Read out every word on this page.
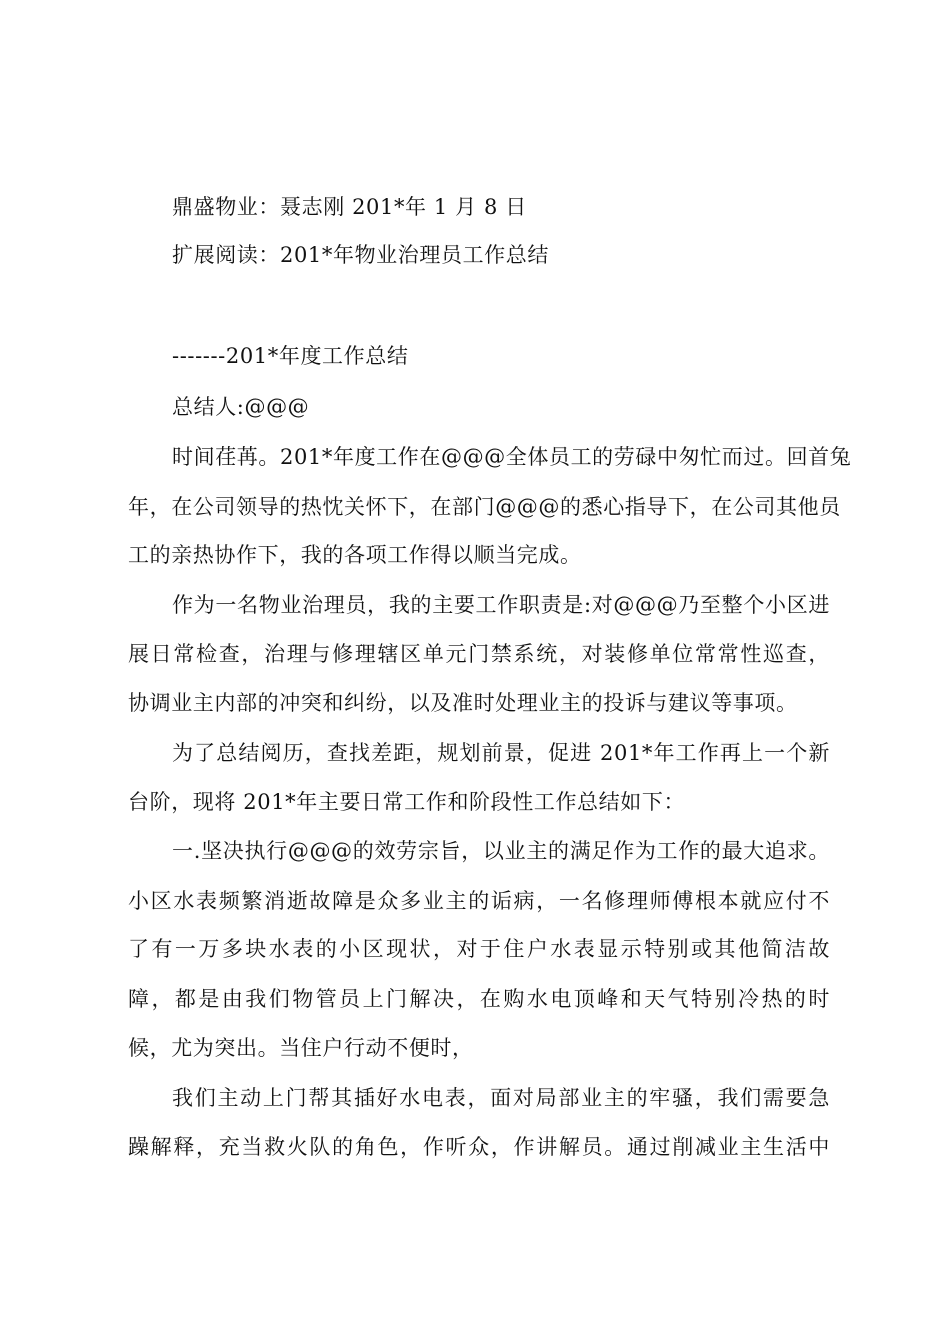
鼎盛物业：聂志刚 201*年 1 月 8 日
扩展阅读：201*年物业治理员工作总结
-------201*年度工作总结
总结人:@@@
时间荏苒。201*年度工作在@@@全体员工的劳碌中匆忙而过。回首兔
年，在公司领导的热忱关怀下，在部门@@@的悉心指导下，在公司其他员
工的亲热协作下，我的各项工作得以顺当完成。
作为一名物业治理员，我的主要工作职责是:对@@@乃至整个小区进
展日常检查，治理与修理辖区单元门禁系统，对装修单位常常性巡查，
协调业主内部的冲突和纠纷，以及准时处理业主的投诉与建议等事项。
为了总结阅历，查找差距，规划前景，促进 201*年工作再上一个新
台阶，现将 201*年主要日常工作和阶段性工作总结如下：
一.坚决执行@@@的效劳宗旨，以业主的满足作为工作的最大追求。
小区水表频繁消逝故障是众多业主的诟病，一名修理师傅根本就应付不
了有一万多块水表的小区现状，对于住户水表显示特别或其他简洁故
障，都是由我们物管员上门解决，在购水电顶峰和天气特别冷热的时
候，尤为突出。当住户行动不便时，
我们主动上门帮其插好水电表，面对局部业主的牢骚，我们需要急
躁解释，充当救火队的角色，作听众，作讲解员。通过削减业主生活中
